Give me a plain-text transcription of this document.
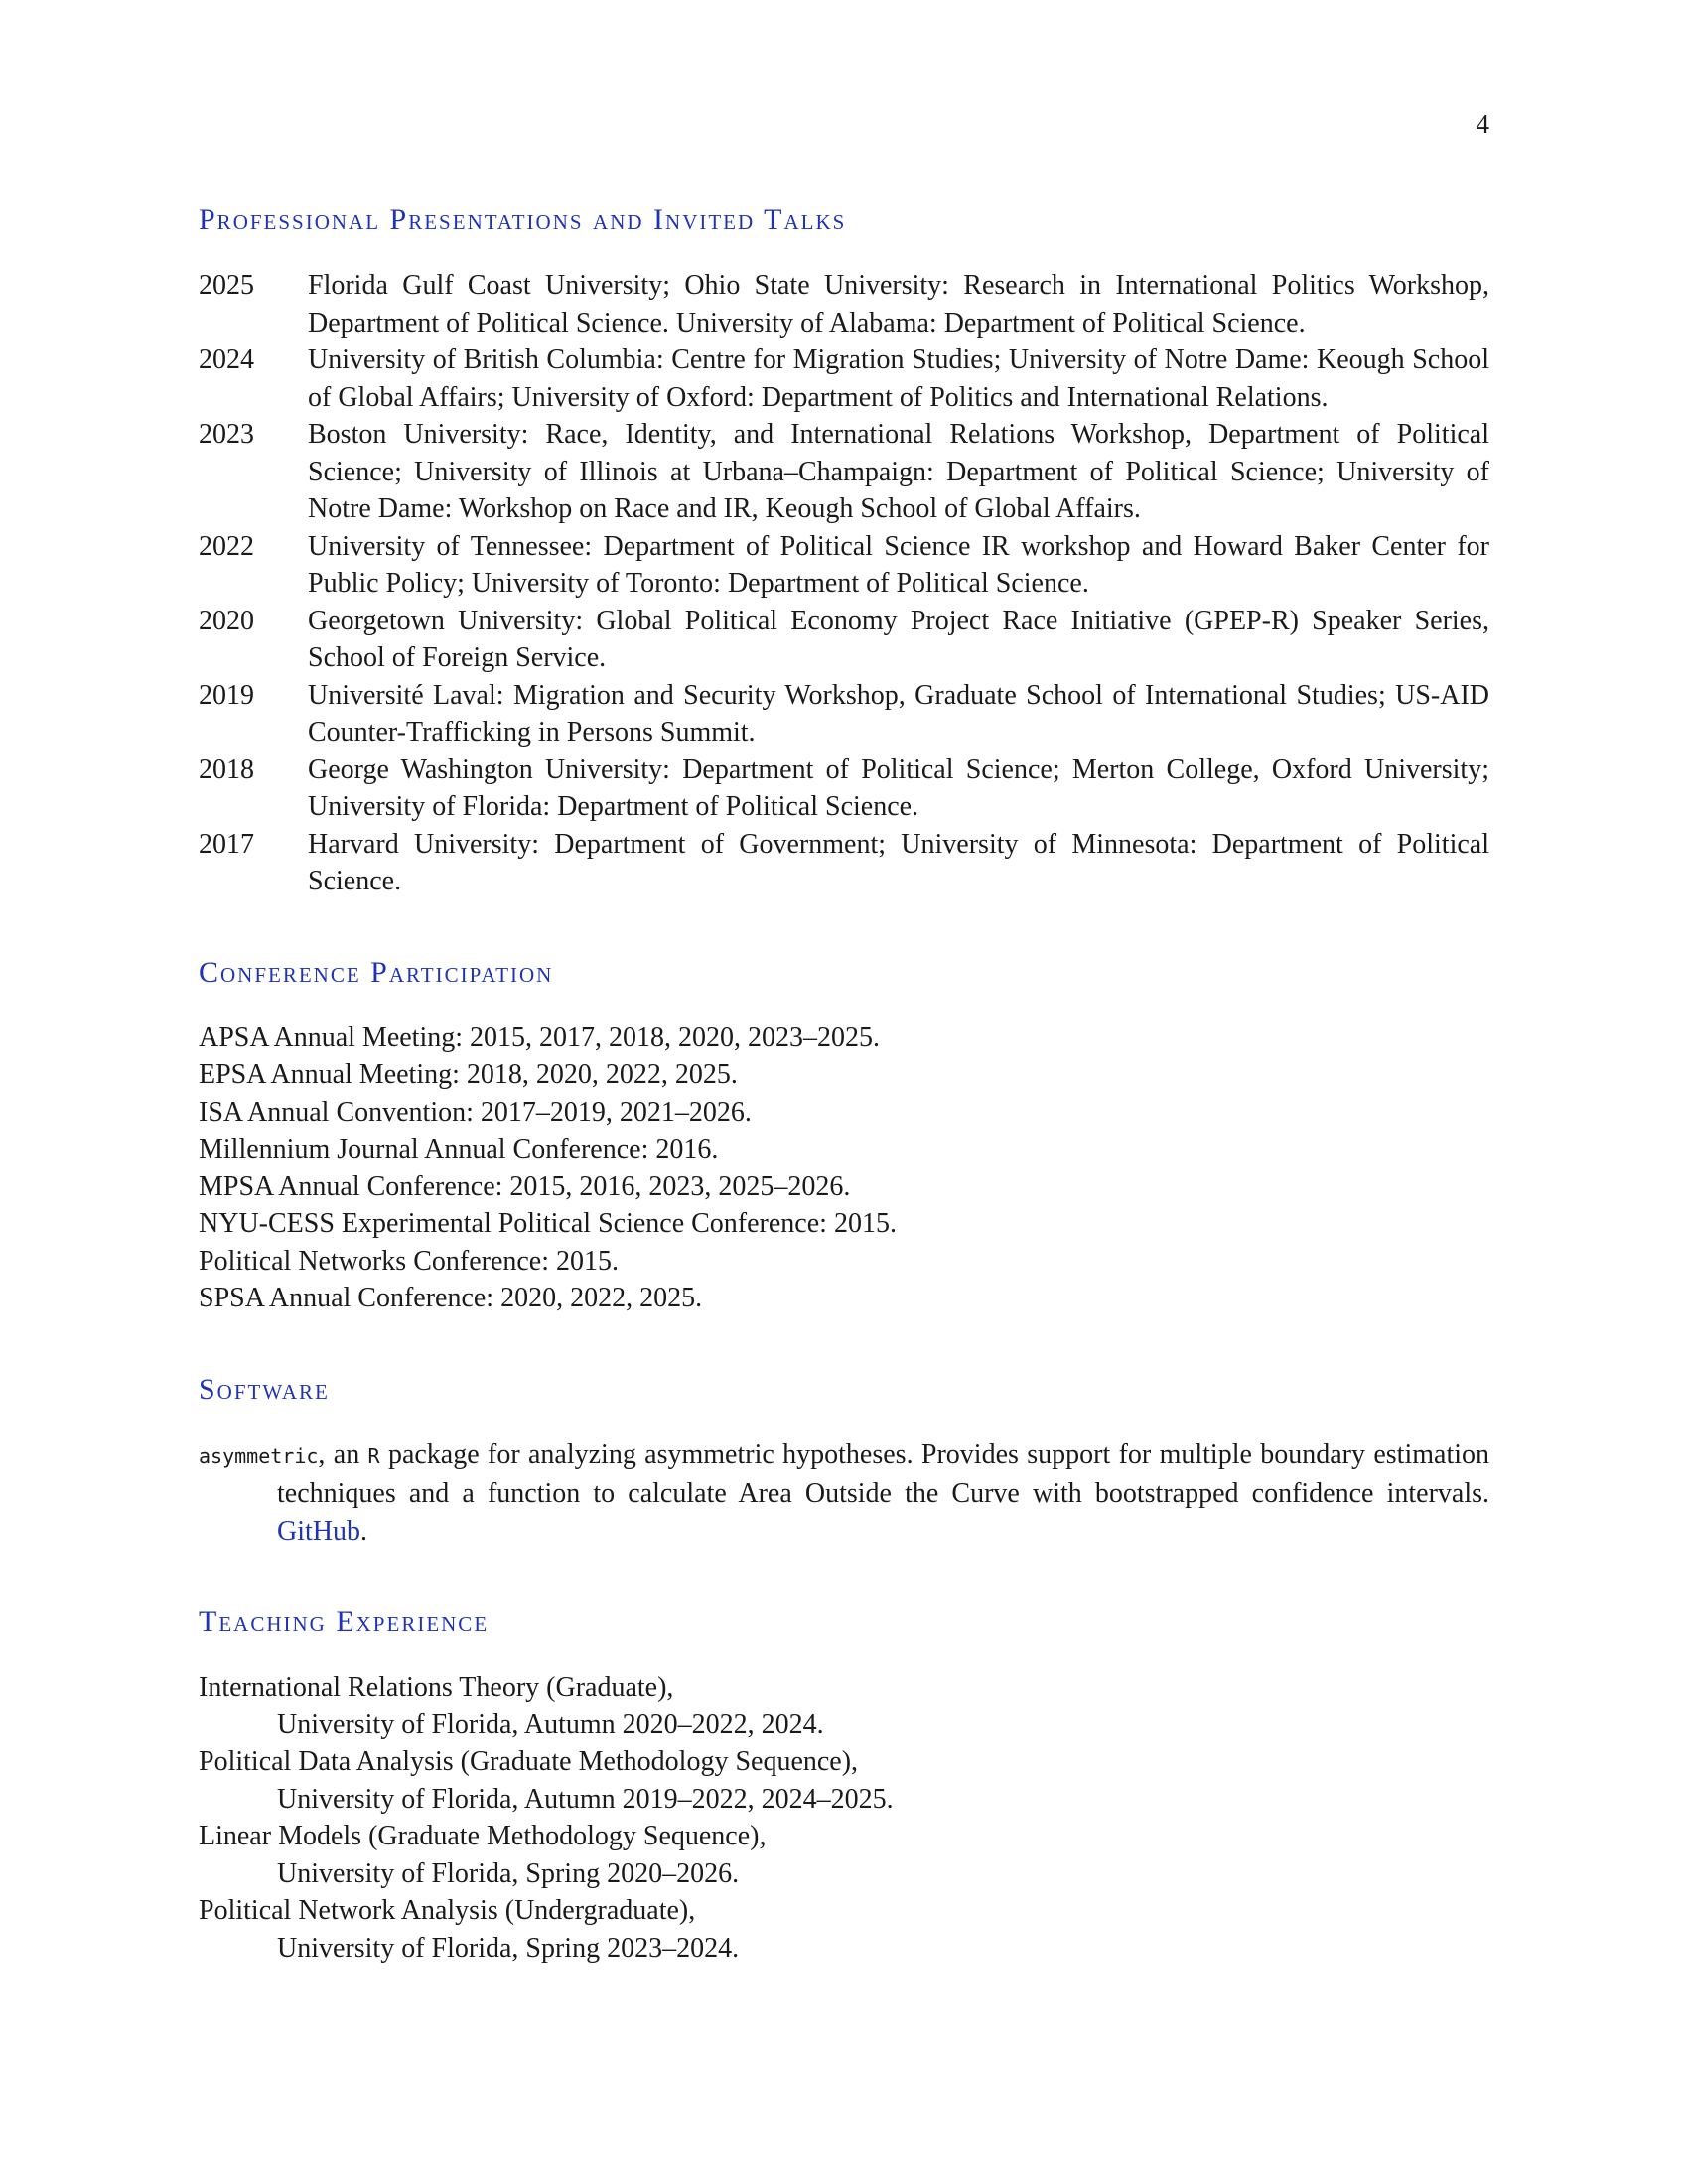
4
Professional Presentations and Invited Talks
2025	Florida Gulf Coast University; Ohio State University: Research in International Politics Workshop, Department of Political Science. University of Alabama: Department of Political Science.
2024	University of British Columbia: Centre for Migration Studies; University of Notre Dame: Keough School of Global Affairs; University of Oxford: Department of Politics and International Relations.
2023	Boston University: Race, Identity, and International Relations Workshop, Department of Political Science; University of Illinois at Urbana–Champaign: Department of Political Science; University of Notre Dame: Workshop on Race and IR, Keough School of Global Affairs.
2022	University of Tennessee: Department of Political Science IR workshop and Howard Baker Center for Public Policy; University of Toronto: Department of Political Science.
2020	Georgetown University: Global Political Economy Project Race Initiative (GPEP-R) Speaker Series, School of Foreign Service.
2019	Université Laval: Migration and Security Workshop, Graduate School of International Studies; US-AID Counter-Trafficking in Persons Summit.
2018	George Washington University: Department of Political Science; Merton College, Oxford University; University of Florida: Department of Political Science.
2017	Harvard University: Department of Government; University of Minnesota: Department of Political Science.
Conference Participation
APSA Annual Meeting: 2015, 2017, 2018, 2020, 2023–2025.
EPSA Annual Meeting: 2018, 2020, 2022, 2025.
ISA Annual Convention: 2017–2019, 2021–2026.
Millennium Journal Annual Conference: 2016.
MPSA Annual Conference: 2015, 2016, 2023, 2025–2026.
NYU-CESS Experimental Political Science Conference: 2015.
Political Networks Conference: 2015.
SPSA Annual Conference: 2020, 2022, 2025.
Software
asymmetric, an R package for analyzing asymmetric hypotheses. Provides support for multiple boundary estimation techniques and a function to calculate Area Outside the Curve with bootstrapped confidence intervals. GitHub.
Teaching Experience
International Relations Theory (Graduate),
University of Florida, Autumn 2020–2022, 2024.
Political Data Analysis (Graduate Methodology Sequence),
University of Florida, Autumn 2019–2022, 2024–2025.
Linear Models (Graduate Methodology Sequence),
University of Florida, Spring 2020–2026.
Political Network Analysis (Undergraduate),
University of Florida, Spring 2023–2024.
